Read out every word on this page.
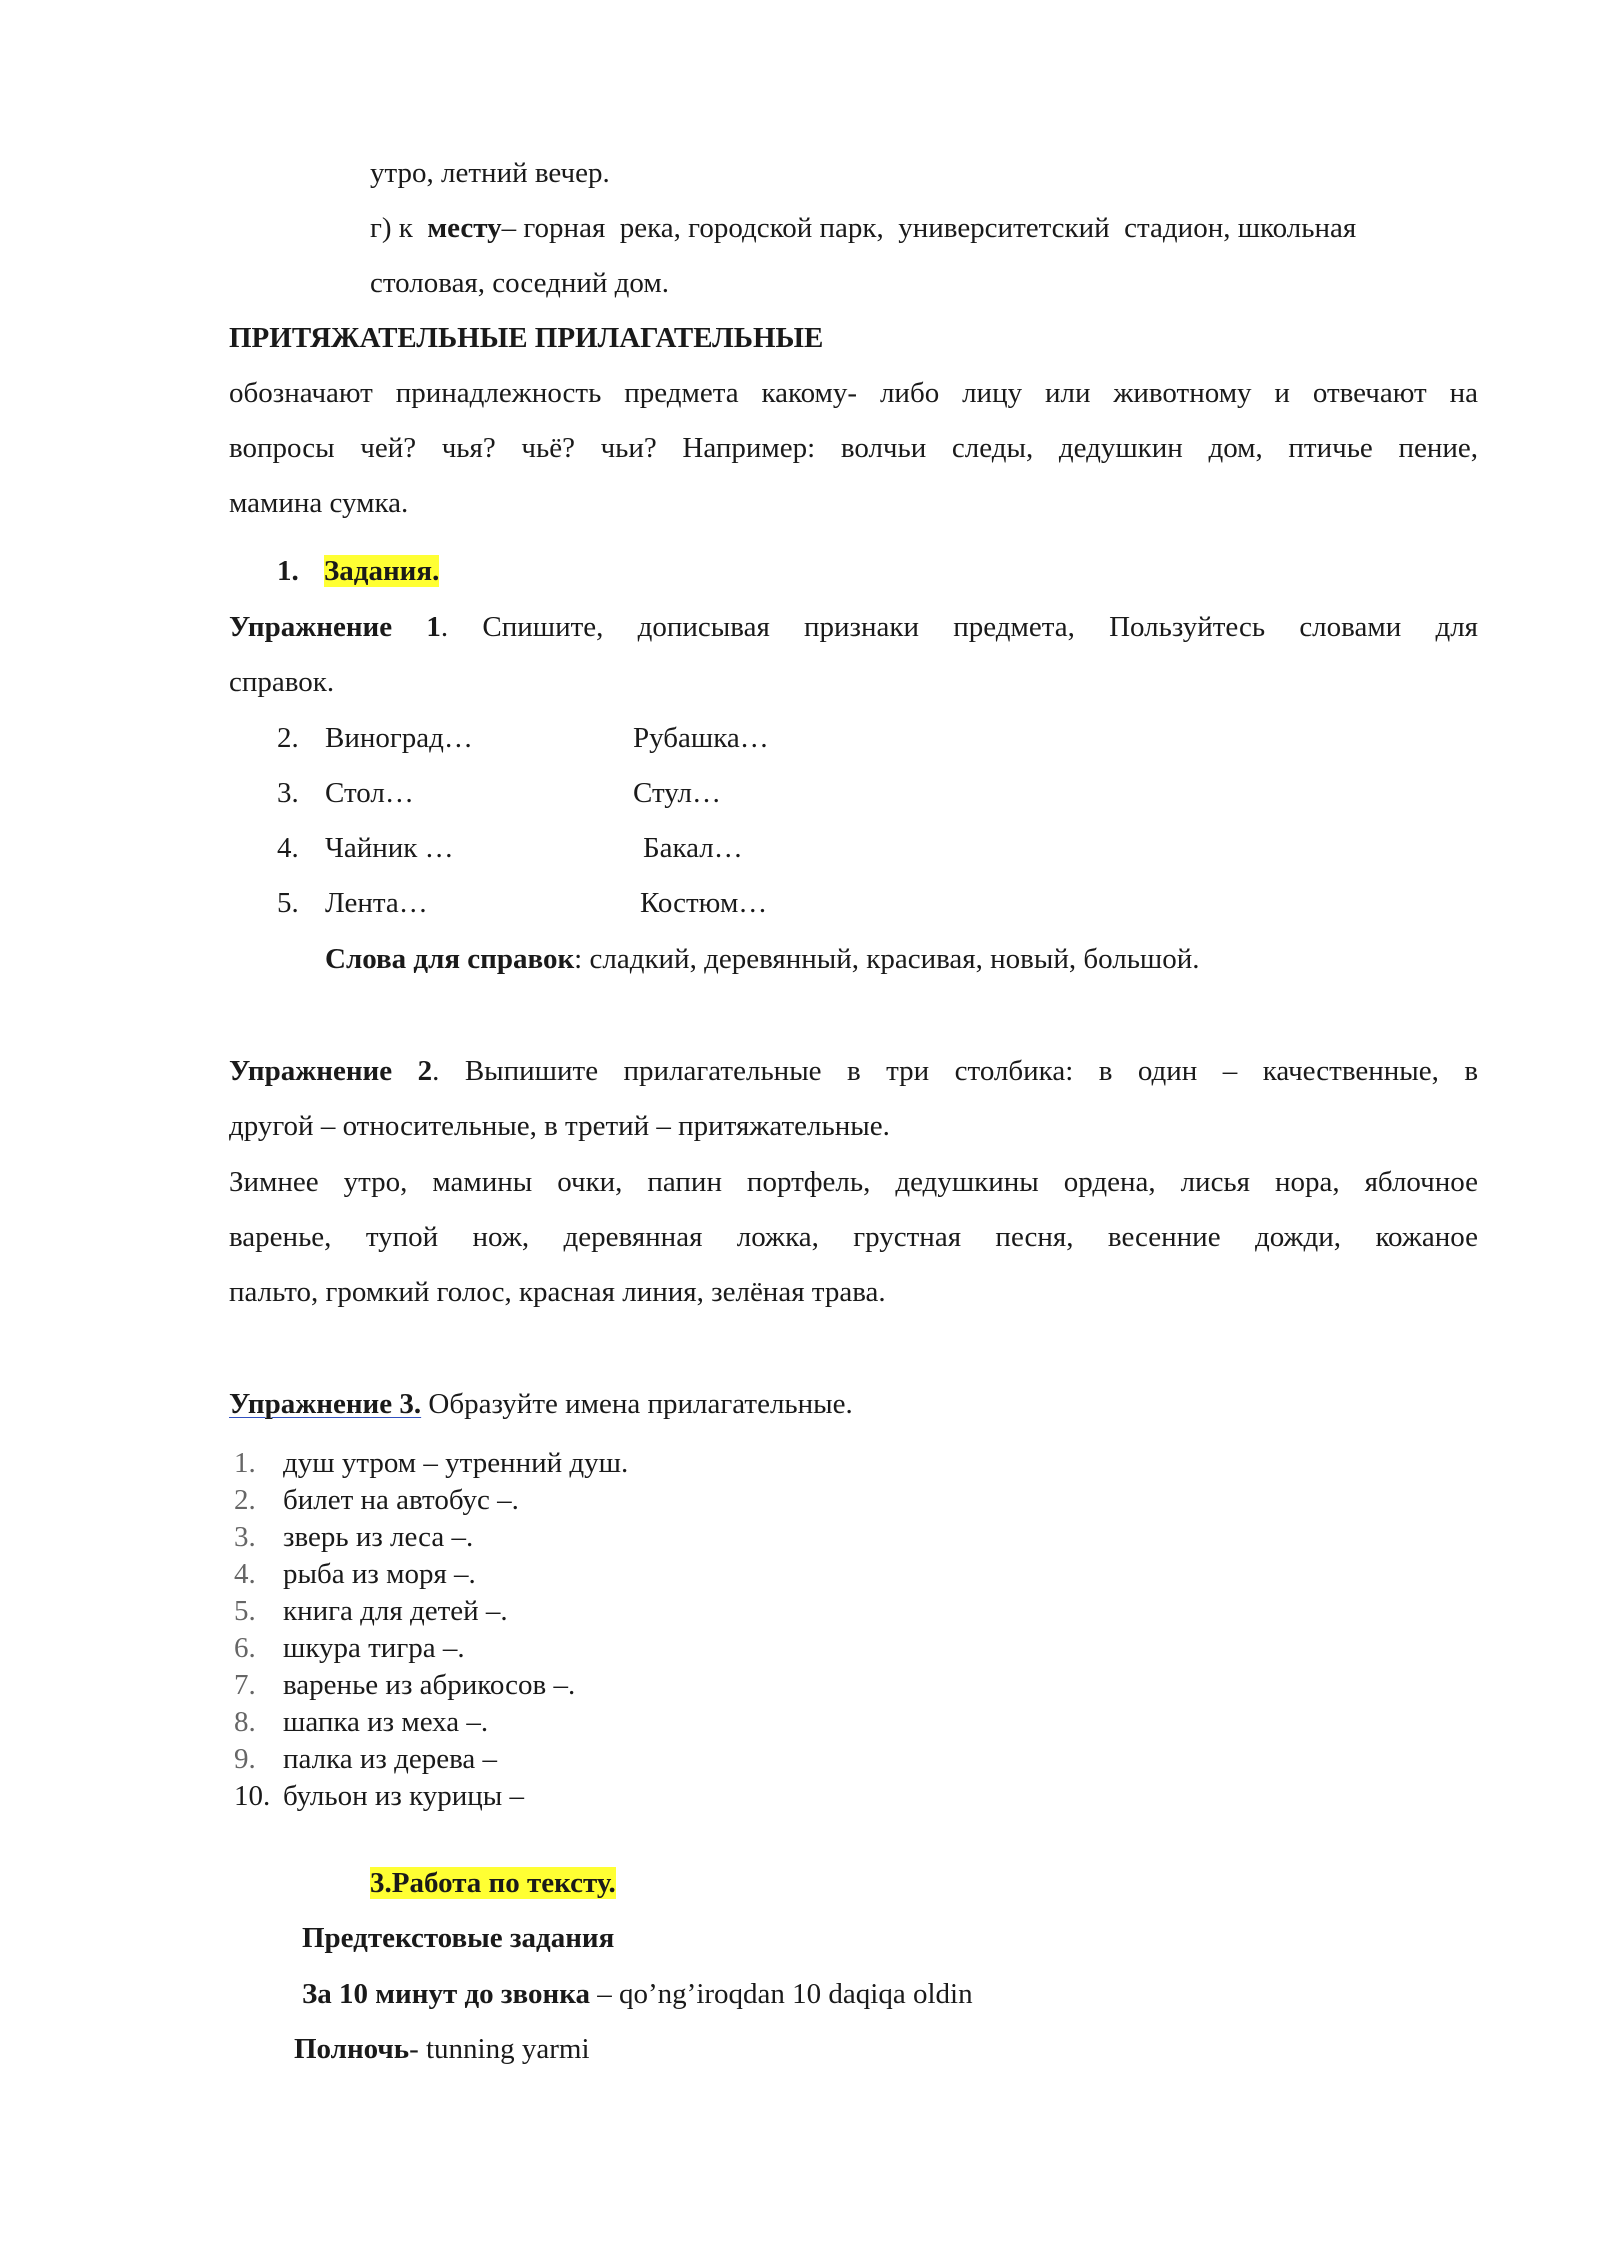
утро, летний вечер.
г) к месту– горная  река, городской парк,  университетский  стадион, школьная
столовая, соседний дом.
ПРИТЯЖАТЕЛЬНЫЕ ПРИЛАГАТЕЛЬНЫЕ
обозначают принадлежность предмета какому- либо лицу или животному и отвечают на
вопросы чей? чья? чьё? чьи? Например: волчьи следы, дедушкин дом, птичье пение,
мамина сумка.
1. Задания.
Упражнение 1. Спишите, дописывая признаки предмета, Пользуйтесь словами для
справок.
2. Виноград…	Рубашка…
3. Стол…	Стул…
4. Чайник …	Бакал…
5. Лента…	Костюм…
Слова для справок: сладкий, деревянный, красивая, новый, большой.
Упражнение 2. Выпишите прилагательные в три столбика: в один – качественные, в
другой – относительные, в третий – притяжательные.
Зимнее утро, мамины очки, папин портфель, дедушкины ордена, лисья нора, яблочное
варенье, тупой нож, деревянная ложка, грустная песня, весенние дожди, кожаное
пальто, громкий голос, красная линия, зелёная трава.
Упражнение 3. Образуйте имена прилагательные.
1. душ утром – утренний душ.
2. билет на автобус –.
3. зверь из леса –.
4. рыба из моря –.
5. книга для детей –.
6. шкура тигра –.
7. варенье из абрикосов –.
8. шапка из меха –.
9. палка из дерева –
10. бульон из курицы –
3.Работа по тексту.
Предтекстовые задания
За 10 минут до звонка – qo’ng’iroqdan 10 daqiqa oldin
Полночь- tunning yarmi
